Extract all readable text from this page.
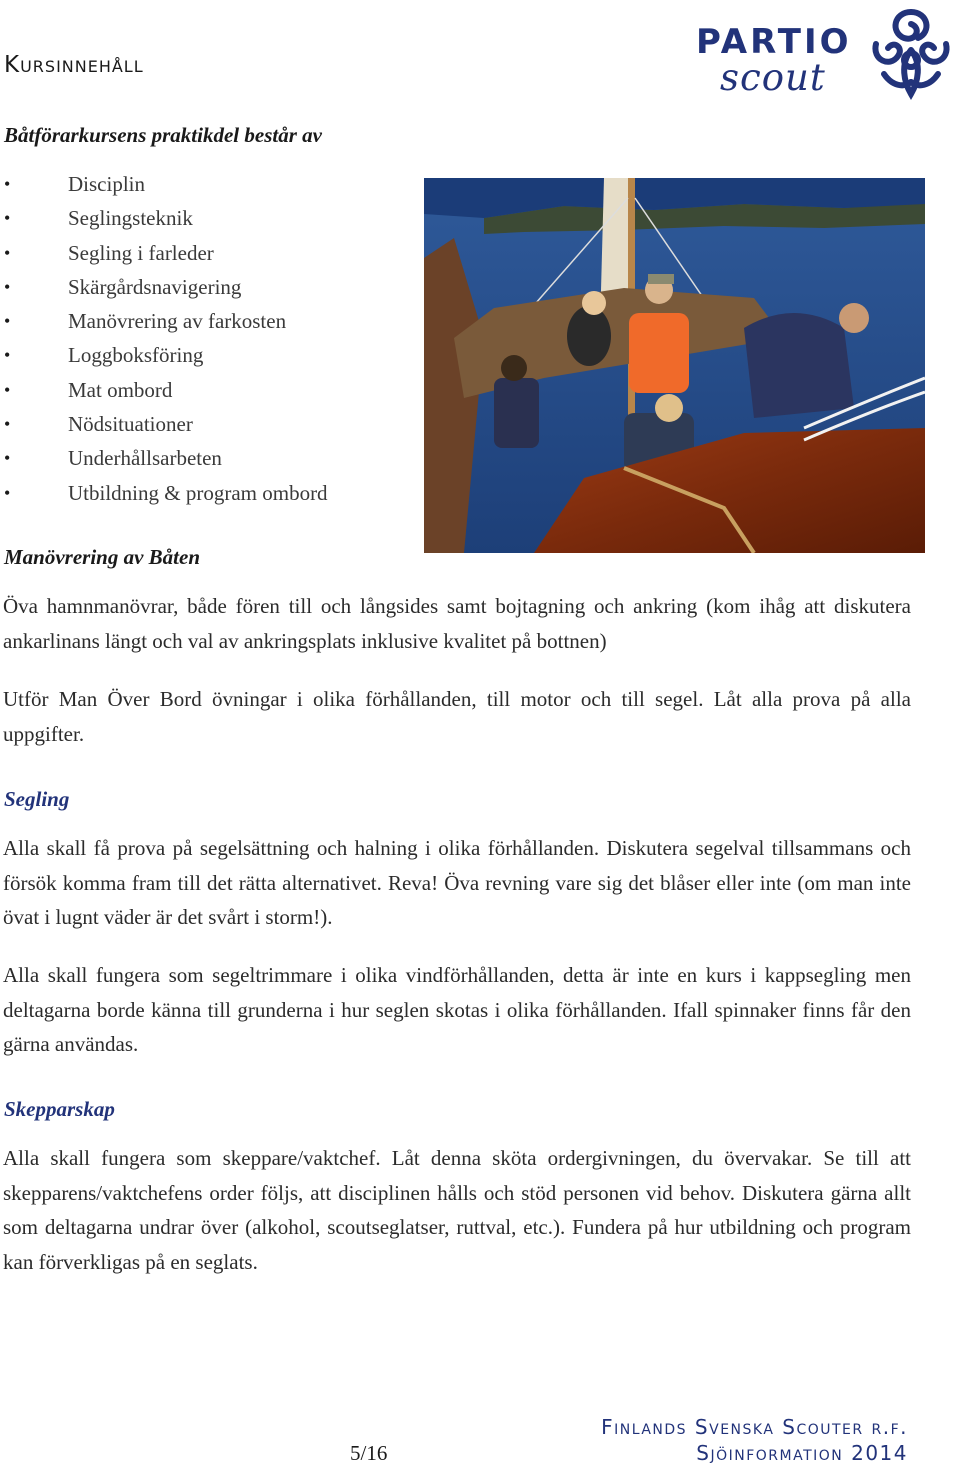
Kursinnehåll
PARTIO
scout
Båtförarkursens praktikdel består av
•	Disciplin
•	Seglingsteknik
•	Segling i farleder
•	Skärgårdsnavigering
•	Manövrering av farkosten
•	Loggboksföring
•	Mat ombord
•	Nödsituationer
•	Underhållsarbeten
•	Utbildning & program ombord
Manövrering av Båten

Öva hamnmanövrar, både fören till och långsides samt bojtagning och ankring (kom ihåg att diskutera ankarlinans längt och val av ankringsplats inklusive kvalitet på bottnen)

Utför Man Över Bord övningar i olika förhållanden, till motor och till segel. Låt alla prova på alla uppgifter.

Segling

Alla skall få prova på segelsättning och halning i olika förhållanden. Diskutera segelval tillsammans och försök komma fram till det rätta alternativet. Reva! Öva revning vare sig det blåser eller inte (om man inte övat i lugnt väder är det svårt i storm!).

Alla skall fungera som segeltrimmare i olika vindförhållanden, detta är inte en kurs i kappsegling men deltagarna borde känna till grunderna i hur seglen skotas i olika förhållanden. Ifall spinnaker finns får den gärna användas.

Skepparskap

Alla skall fungera som skeppare/vaktchef. Låt denna sköta ordergivningen, du övervakar. Se till att skepparens/vaktchefens order följs, att disciplinen hålls och stöd personen vid behov. Diskutera gärna allt som deltagarna undrar över (alkohol, scoutseglatser, ruttval, etc.). Fundera på hur utbildning och program kan förverkligas på en seglats.

Finlands Svenska Scouter r.f.
5/16	Sjöinformation 2014
